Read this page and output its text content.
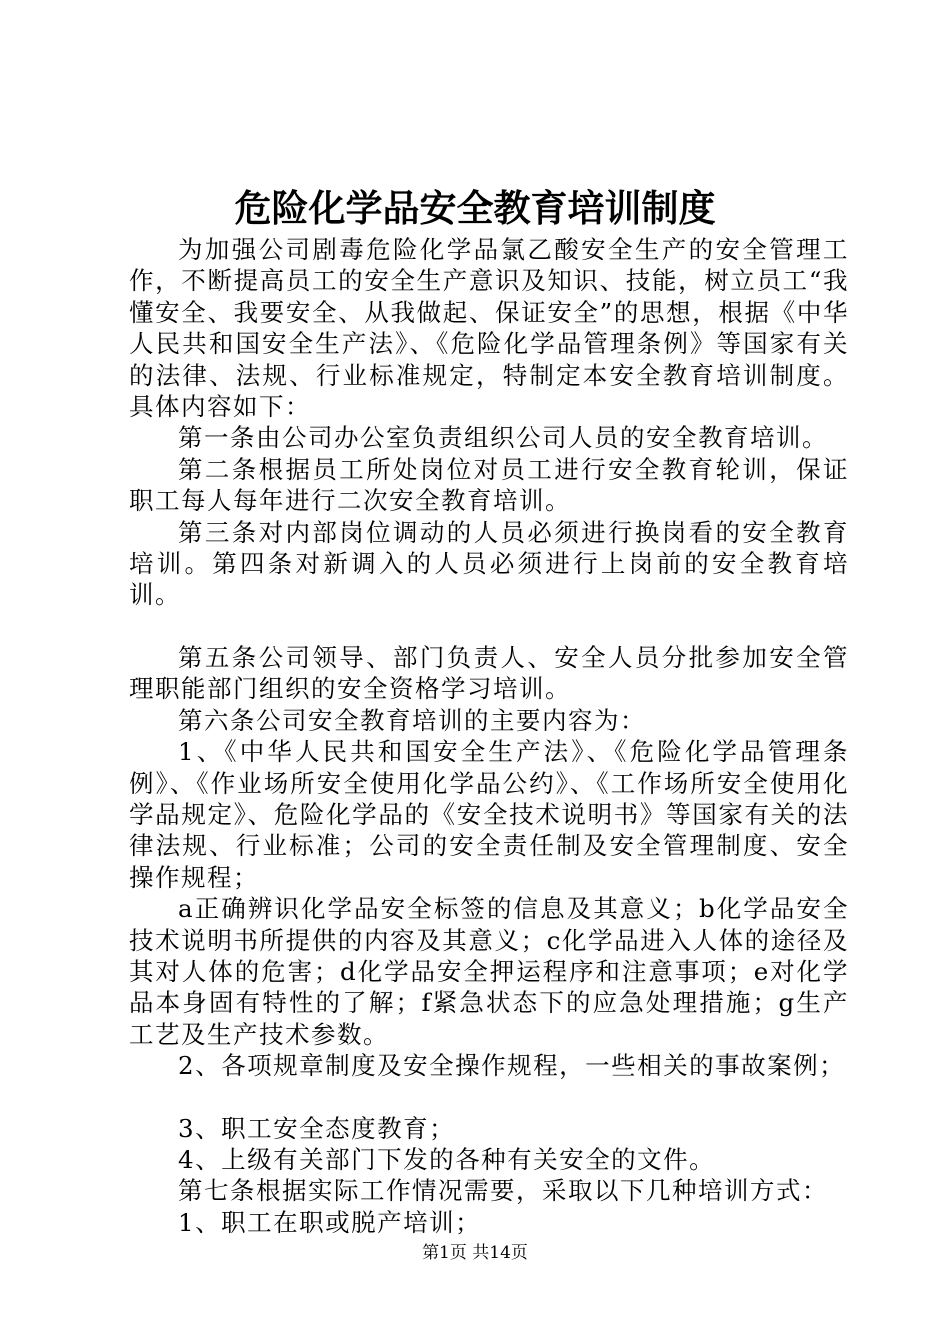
危险化学品安全教育培训制度

为加强公司剧毒危险化学品氯乙酸安全生产的安全管理工作，不断提高员工的安全生产意识及知识、技能，树立员工“我懂安全、我要安全、从我做起、保证安全”的思想，根据《中华人民共和国安全生产法》、《危险化学品管理条例》等国家有关的法律、法规、行业标准规定，特制定本安全教育培训制度。具体内容如下：

第一条由公司办公室负责组织公司人员的安全教育培训。

第二条根据员工所处岗位对员工进行安全教育轮训，保证职工每人每年进行二次安全教育培训。

第三条对内部岗位调动的人员必须进行换岗看的安全教育培训。第四条对新调入的人员必须进行上岗前的安全教育培训。

第五条公司领导、部门负责人、安全人员分批参加安全管理职能部门组织的安全资格学习培训。

第六条公司安全教育培训的主要内容为：

1、《中华人民共和国安全生产法》、《危险化学品管理条例》、《作业场所安全使用化学品公约》、《工作场所安全使用化学品规定》、危险化学品的《安全技术说明书》等国家有关的法律法规、行业标准；公司的安全责任制及安全管理制度、安全操作规程；

a正确辨识化学品安全标签的信息及其意义；b化学品安全技术说明书所提供的内容及其意义；c化学品进入人体的途径及其对人体的危害；d化学品安全押运程序和注意事项；e对化学品本身固有特性的了解；f紧急状态下的应急处理措施；g生产工艺及生产技术参数。

2、各项规章制度及安全操作规程，一些相关的事故案例；

3、职工安全态度教育；

4、上级有关部门下发的各种有关安全的文件。

第七条根据实际工作情况需要，采取以下几种培训方式：

1、职工在职或脱产培训；

第1页 共14页
